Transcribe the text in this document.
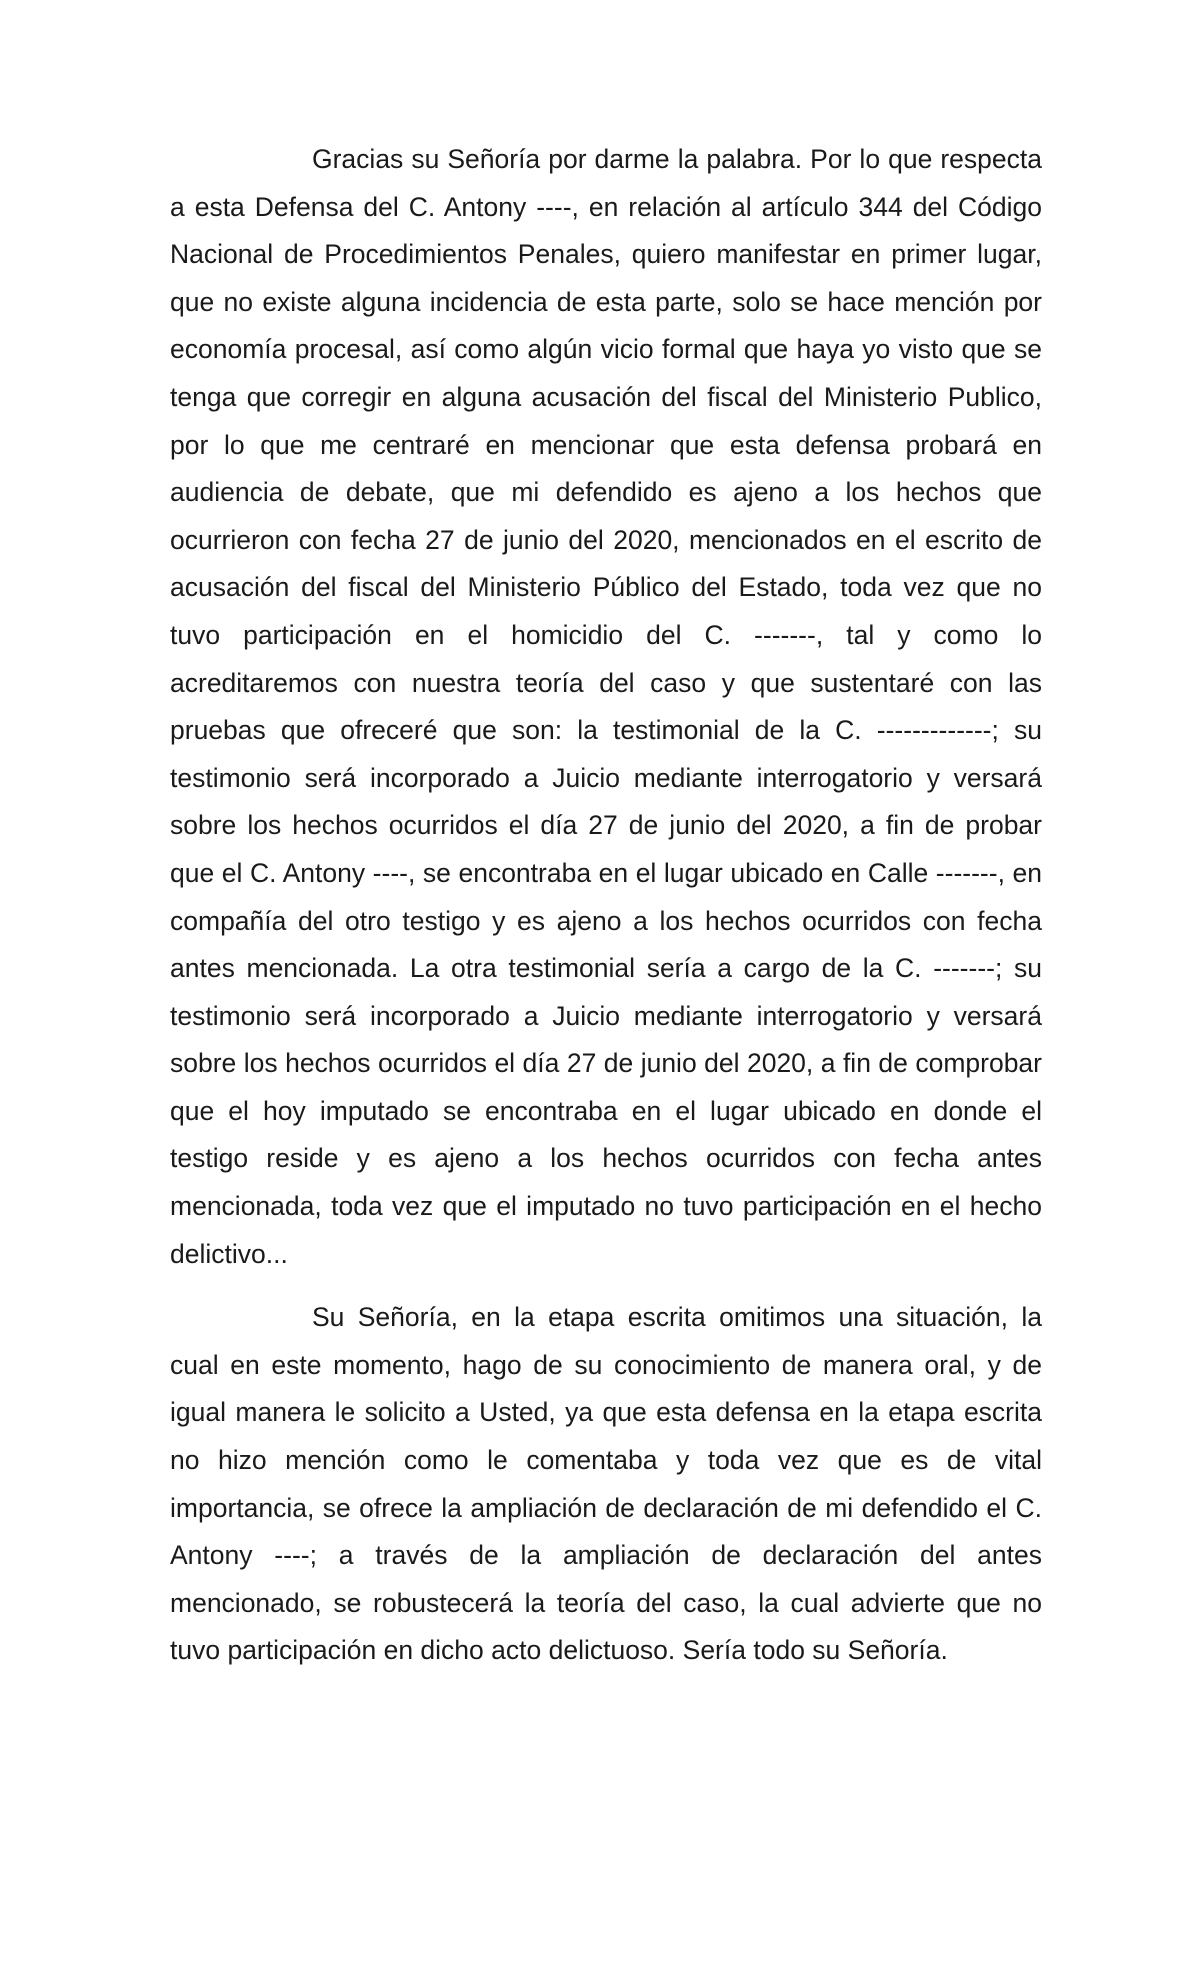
Gracias su Señoría por darme la palabra. Por lo que respecta a esta Defensa del C. Antony ----, en relación al artículo 344 del Código Nacional de Procedimientos Penales, quiero manifestar en primer lugar, que no existe alguna incidencia de esta parte, solo se hace mención por economía procesal, así como algún vicio formal que haya yo visto que se tenga que corregir en alguna acusación del fiscal del Ministerio Publico, por lo que me centraré en mencionar que esta defensa probará en audiencia de debate, que mi defendido es ajeno a los hechos que ocurrieron con fecha 27 de junio del 2020, mencionados en el escrito de acusación del fiscal del Ministerio Público del Estado, toda vez que no tuvo participación en el homicidio del C. -------, tal y como lo acreditaremos con nuestra teoría del caso y que sustentaré con las pruebas que ofreceré que son: la testimonial de la C. -------------; su testimonio será incorporado a Juicio mediante interrogatorio y versará sobre los hechos ocurridos el día 27 de junio del 2020, a fin de probar que el C. Antony ----, se encontraba en el lugar ubicado en Calle -------, en compañía del otro testigo y es ajeno a los hechos ocurridos con fecha antes mencionada. La otra testimonial sería a cargo de la C. -------; su testimonio será incorporado a Juicio mediante interrogatorio y versará sobre los hechos ocurridos el día 27 de junio del 2020, a fin de comprobar que el hoy imputado se encontraba en el lugar ubicado en donde el testigo reside y es ajeno a los hechos ocurridos con fecha antes mencionada, toda vez que el imputado no tuvo participación en el hecho delictivo...

Su Señoría, en la etapa escrita omitimos una situación, la cual en este momento, hago de su conocimiento de manera oral, y de igual manera le solicito a Usted, ya que esta defensa en la etapa escrita no hizo mención como le comentaba y toda vez que es de vital importancia, se ofrece la ampliación de declaración de mi defendido el C. Antony ----; a través de la ampliación de declaración del antes mencionado, se robustecerá la teoría del caso, la cual advierte que no tuvo participación en dicho acto delictuoso. Sería todo su Señoría.
